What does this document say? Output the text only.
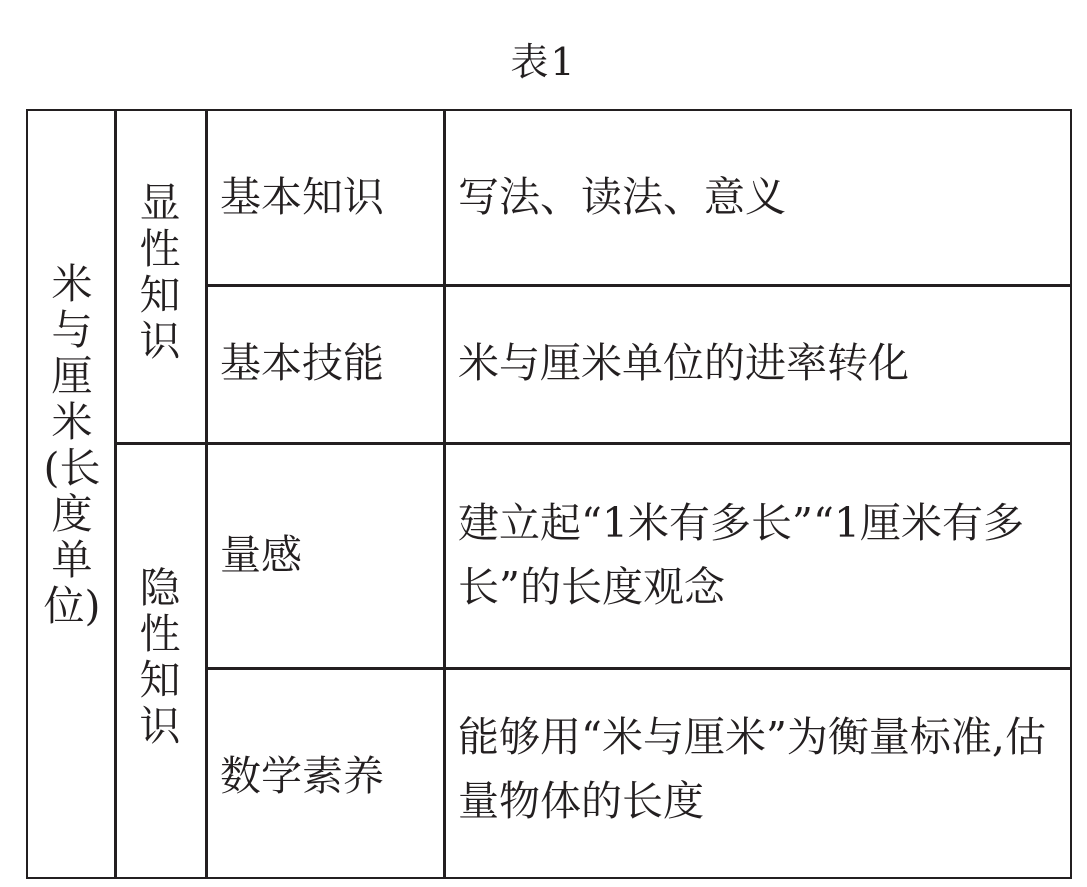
表1
米与厘米(长度单位)
显性知识
隐性知识
基本知识
基本技能
量感
数学素养
写法、读法、意义
米与厘米单位的进率转化
建立起“1米有多长”“1厘米有多长”的长度观念
能够用“米与厘米”为衡量标准,估量物体的长度
